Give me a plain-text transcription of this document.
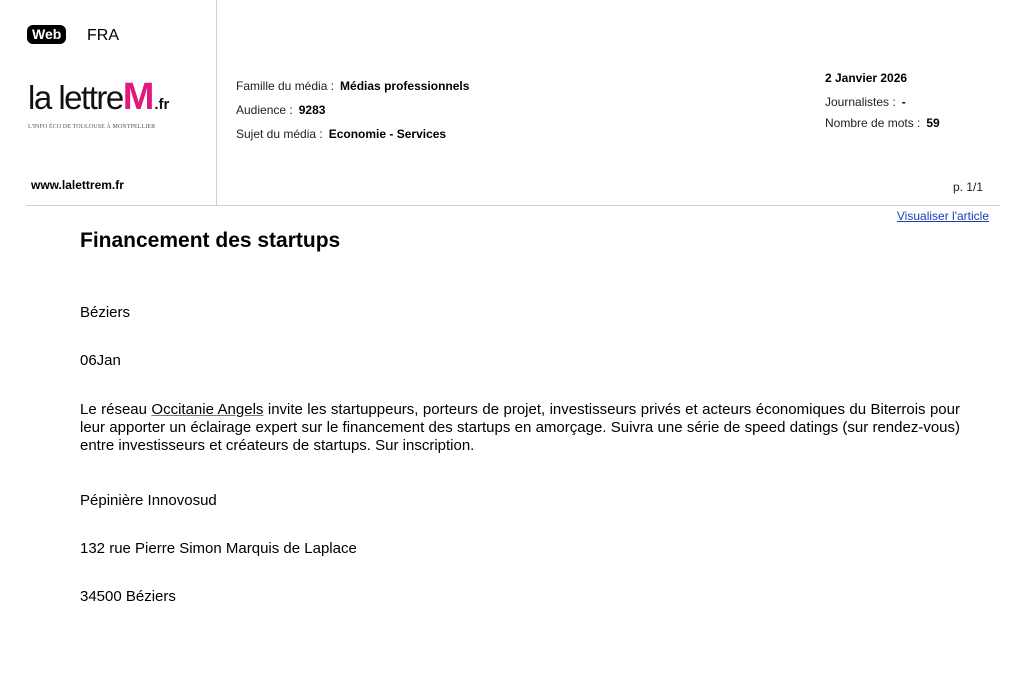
Web	FRA
la lettreM.fr
L'INFO ÉCO DE TOULOUSE À MONTPELLIER
www.lalettrem.fr
Famille du média : Médias professionnels
Audience : 9283
Sujet du média : Economie - Services
2 Janvier 2026
Journalistes : -
Nombre de mots : 59
p. 1/1
Visualiser l'article
Financement des startups
Béziers
06Jan
Le réseau Occitanie Angels invite les startuppeurs, porteurs de projet, investisseurs privés et acteurs économiques du Biterrois pour leur apporter un éclairage expert sur le financement des startups en amorçage. Suivra une série de speed datings (sur rendez-vous) entre investisseurs et créateurs de startups. Sur inscription.
Pépinière Innovosud
132 rue Pierre Simon Marquis de Laplace
34500 Béziers
